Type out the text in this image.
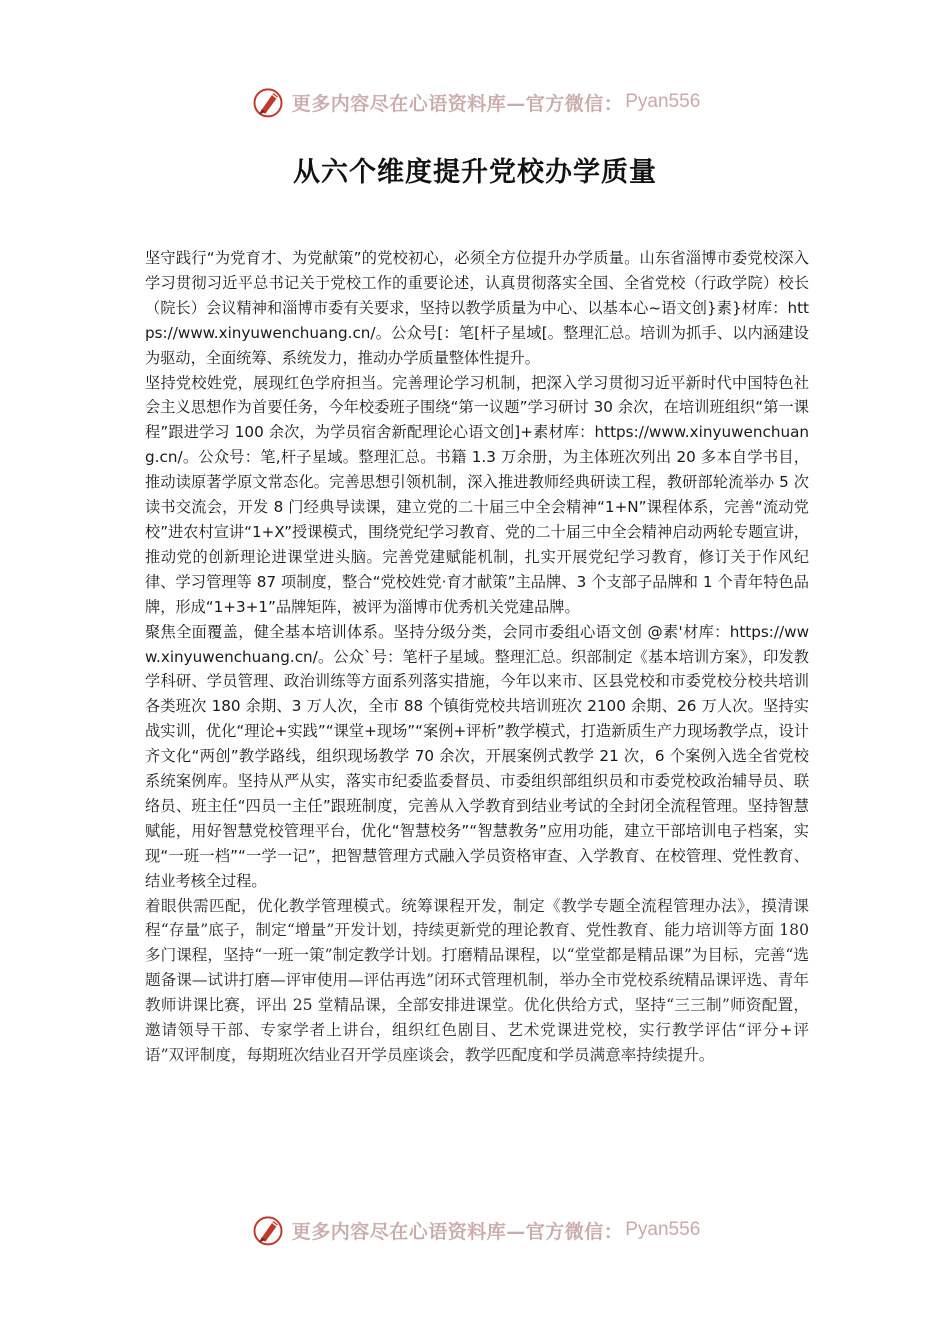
更多内容尽在心语资料库—官方微信： Pyan556
从六个维度提升党校办学质量

坚守践行“为党育才、为党献策”的党校初心，必须全方位提升办学质量。山东省淄博市委党校深入学习贯彻习近平总书记关于党校工作的重要论述，认真贯彻落实全国、全省党校（行政学院）校长（院长）会议精神和淄博市委有关要求，坚持以教学质量为中心、以基本心~语文创}素}材库：https://www.xinyuwenchuang.cn/。公众号[：笔[杆子星域[。整理汇总。培训为抓手、以内涵建设为驱动，全面统筹、系统发力，推动办学质量整体性提升。

坚持党校姓党，展现红色学府担当。完善理论学习机制，把深入学习贯彻习近平新时代中国特色社会主义思想作为首要任务，今年校委班子围绕“第一议题”学习研讨 30 余次，在培训班组织“第一课程”跟进学习 100 余次，为学员宿舍新配理论心语文创]+素材库：https://www.xinyuwenchuang.cn/。公众号：笔,杆子星域。整理汇总。书籍 1.3 万余册，为主体班次列出 20 多本自学书目，推动读原著学原文常态化。完善思想引领机制，深入推进教师经典研读工程，教研部轮流举办 5 次读书交流会，开发 8 门经典导读课，建立党的二十届三中全会精神“1+N”课程体系，完善“流动党校”进农村宣讲“1+X”授课模式，围绕党纪学习教育、党的二十届三中全会精神启动两轮专题宣讲，推动党的创新理论进课堂进头脑。完善党建赋能机制，扎实开展党纪学习教育，修订关于作风纪律、学习管理等 87 项制度，整合“党校姓党·育才献策”主品牌、3 个支部子品牌和 1 个青年特色品牌，形成“1+3+1”品牌矩阵，被评为淄博市优秀机关党建品牌。

聚焦全面覆盖，健全基本培训体系。坚持分级分类，会同市委组心语文创 @素'材库：https://www.xinyuwenchuang.cn/。公众`号：笔杆子星域。整理汇总。织部制定《基本培训方案》，印发教学科研、学员管理、政治训练等方面系列落实措施，今年以来市、区县党校和市委党校分校共培训各类班次 180 余期、3 万人次，全市 88 个镇街党校共培训班次 2100 余期、26 万人次。坚持实战实训，优化“理论+实践”“课堂+现场”“案例+评析”教学模式，打造新质生产力现场教学点，设计齐文化“两创”教学路线，组织现场教学 70 余次，开展案例式教学 21 次，6 个案例入选全省党校系统案例库。坚持从严从实，落实市纪委监委督员、市委组织部组织员和市委党校政治辅导员、联络员、班主任“四员一主任”跟班制度，完善从入学教育到结业考试的全封闭全流程管理。坚持智慧赋能，用好智慧党校管理平台，优化“智慧校务”“智慧教务”应用功能，建立干部培训电子档案，实现“一班一档”“一学一记”，把智慧管理方式融入学员资格审查、入学教育、在校管理、党性教育、结业考核全过程。

着眼供需匹配，优化教学管理模式。统筹课程开发，制定《教学专题全流程管理办法》，摸清课程“存量”底子，制定“增量”开发计划，持续更新党的理论教育、党性教育、能力培训等方面 180 多门课程，坚持“一班一策”制定教学计划。打磨精品课程，以“堂堂都是精品课”为目标，完善“选题备课—试讲打磨—评审使用—评估再选”闭环式管理机制，举办全市党校系统精品课评选、青年教师讲课比赛，评出 25 堂精品课，全部安排进课堂。优化供给方式，坚持“三三制”师资配置，邀请领导干部、专家学者上讲台，组织红色剧目、艺术党课进党校，实行教学评估“评分+评语”双评制度，每期班次结业召开学员座谈会，教学匹配度和学员满意率持续提升。

更多内容尽在心语资料库—官方微信： Pyan556
